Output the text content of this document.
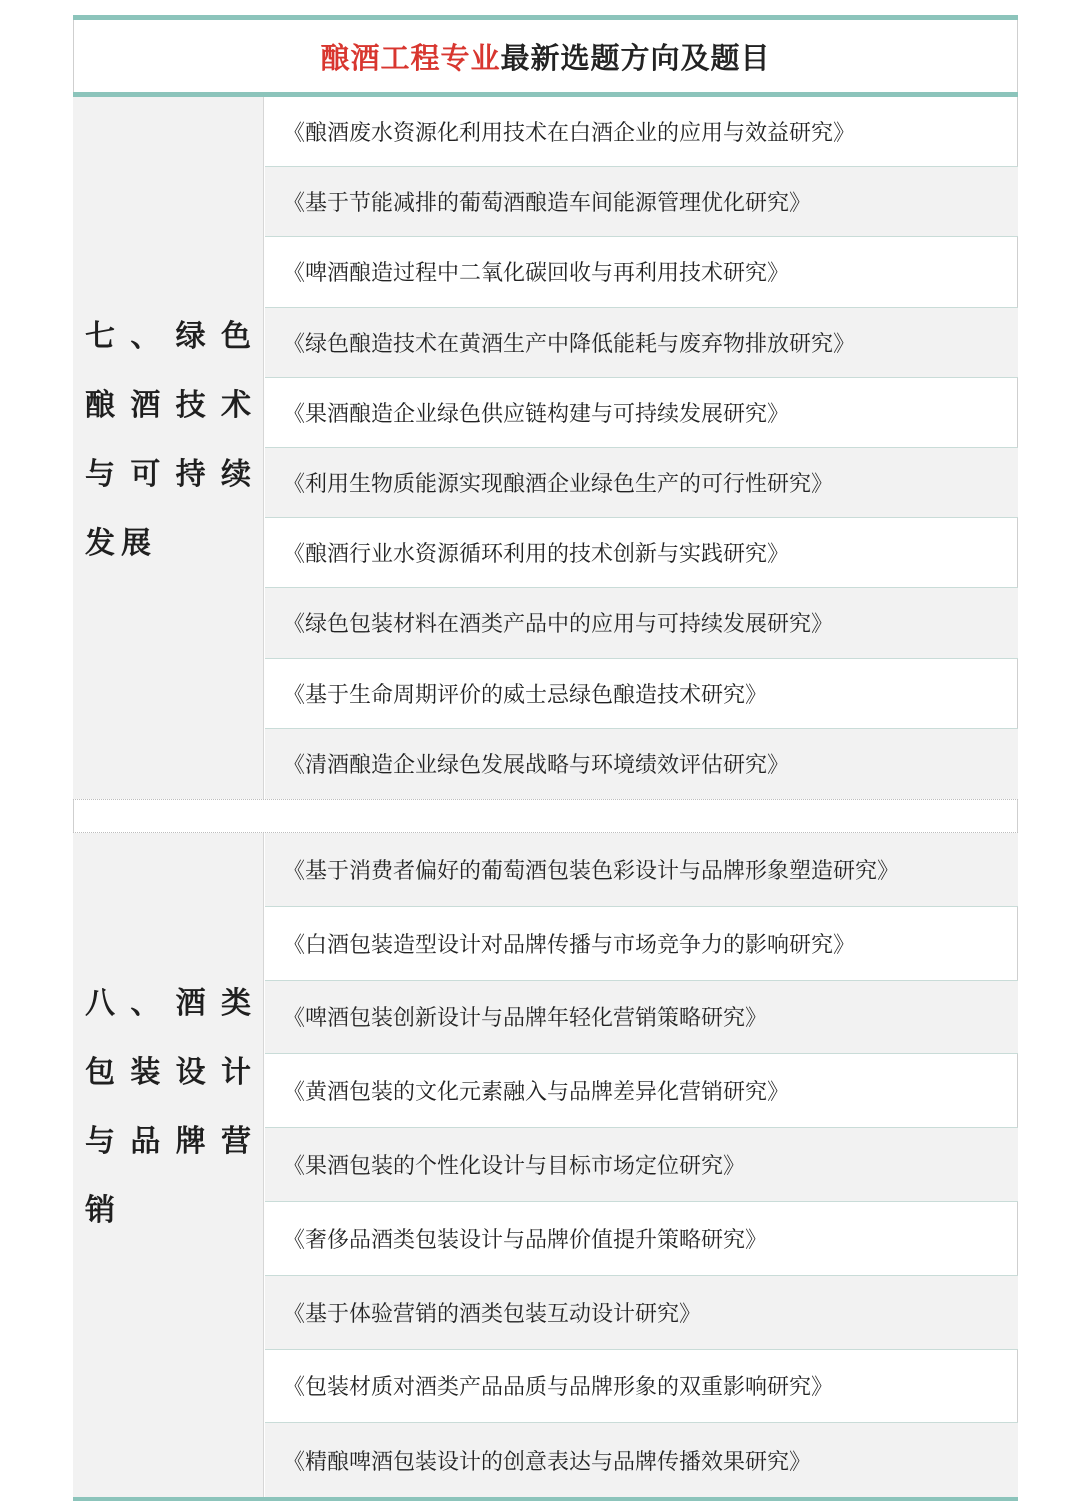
酿酒工程专业 最新选题方向及题目
七、绿色酿酒技术与可持续发展
《酿酒废水资源化利用技术在白酒企业的应用与效益研究》
《基于节能减排的葡萄酒酿造车间能源管理优化研究》
《啤酒酿造过程中二氧化碳回收与再利用技术研究》
《绿色酿造技术在黄酒生产中降低能耗与废弃物排放研究》
《果酒酿造企业绿色供应链构建与可持续发展研究》
《利用生物质能源实现酿酒企业绿色生产的可行性研究》
《酿酒行业水资源循环利用的技术创新与实践研究》
《绿色包装材料在酒类产品中的应用与可持续发展研究》
《基于生命周期评价的威士忌绿色酿造技术研究》
《清酒酿造企业绿色发展战略与环境绩效评估研究》
八、酒类包装设计与品牌营销
《基于消费者偏好的葡萄酒包装色彩设计与品牌形象塑造研究》
《白酒包装造型设计对品牌传播与市场竞争力的影响研究》
《啤酒包装创新设计与品牌年轻化营销策略研究》
《黄酒包装的文化元素融入与品牌差异化营销研究》
《果酒包装的个性化设计与目标市场定位研究》
《奢侈品酒类包装设计与品牌价值提升策略研究》
《基于体验营销的酒类包装互动设计研究》
《包装材质对酒类产品品质与品牌形象的双重影响研究》
《精酿啤酒包装设计的创意表达与品牌传播效果研究》
